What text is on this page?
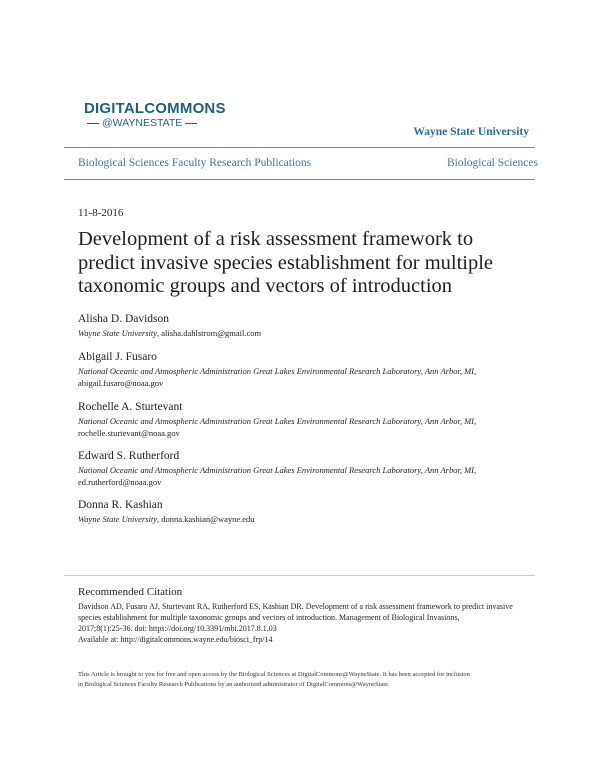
DIGITALCOMMONS
@WAYNESTATE
Wayne State University
Biological Sciences Faculty Research Publications	Biological Sciences
11-8-2016
Development of a risk assessment framework to predict invasive species establishment for multiple taxonomic groups and vectors of introduction
Alisha D. Davidson
Wayne State University, alisha.dahlstrom@gmail.com
Abigail J. Fusaro
National Oceanic and Atmospheric Administration Great Lakes Environmental Research Laboratory, Ann Arbor, MI,
abigail.fusaro@noaa.gov
Rochelle A. Sturtevant
National Oceanic and Atmospheric Administration Great Lakes Environmental Research Laboratory, Ann Arbor, MI,
rochelle.sturtevant@noaa.gov
Edward S. Rutherford
National Oceanic and Atmospheric Administration Great Lakes Environmental Research Laboratory, Ann Arbor, MI,
ed.rutherford@noaa.gov
Donna R. Kashian
Wayne State University, donna.kashian@wayne.edu
Recommended Citation
Davidson AD, Fusaro AJ, Sturtevant RA, Rutherford ES, Kashian DR. Development of a risk assessment framework to predict invasive
species establishment for multiple taxonomic groups and vectors of introduction. Management of Biological Invasions,
2017;8(1):25-36. doi: https://doi.org/10.3391/mbi.2017.8.1.03
Available at: http://digitalcommons.wayne.edu/biosci_frp/14
This Article is brought to you for free and open access by the Biological Sciences at DigitalCommons@WayneState. It has been accepted for inclusion
in Biological Sciences Faculty Research Publications by an authorized administrator of DigitalCommons@WayneState.
